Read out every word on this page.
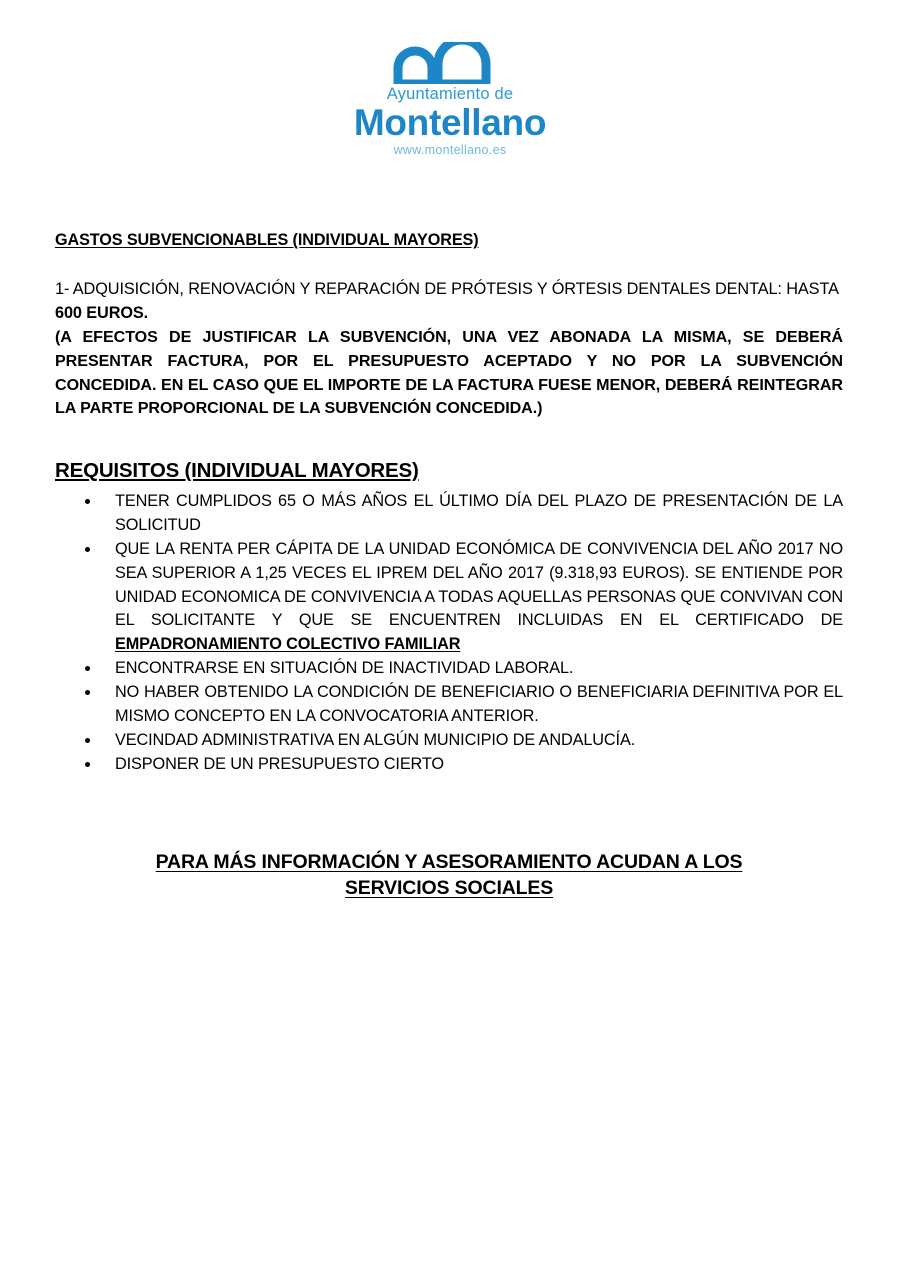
Ayuntamiento de
Montellano
www.montellano.es
GASTOS SUBVENCIONABLES (INDIVIDUAL MAYORES)

1- ADQUISICIÓN, RENOVACIÓN Y REPARACIÓN DE PRÓTESIS Y ÓRTESIS DENTALES DENTAL: HASTA 600 EUROS.

(A EFECTOS DE JUSTIFICAR LA SUBVENCIÓN, UNA VEZ ABONADA LA MISMA, SE DEBERÁ PRESENTAR FACTURA, POR EL PRESUPUESTO ACEPTADO Y NO POR LA SUBVENCIÓN CONCEDIDA. EN EL CASO QUE EL IMPORTE DE LA FACTURA FUESE MENOR, DEBERÁ REINTEGRAR LA PARTE PROPORCIONAL DE LA SUBVENCIÓN CONCEDIDA.)

REQUISITOS (INDIVIDUAL MAYORES)
TENER CUMPLIDOS 65 O MÁS AÑOS EL ÚLTIMO DÍA DEL PLAZO DE PRESENTACIÓN DE LA SOLICITUD
QUE LA RENTA PER CÁPITA DE LA UNIDAD ECONÓMICA DE CONVIVENCIA DEL AÑO 2017 NO SEA SUPERIOR A 1,25 VECES EL IPREM DEL AÑO 2017 (9.318,93 EUROS). SE ENTIENDE POR UNIDAD ECONOMICA DE CONVIVENCIA A TODAS AQUELLAS PERSONAS QUE CONVIVAN CON EL SOLICITANTE Y QUE SE ENCUENTREN INCLUIDAS EN EL CERTIFICADO DE EMPADRONAMIENTO COLECTIVO FAMILIAR
ENCONTRARSE EN SITUACIÓN DE INACTIVIDAD LABORAL.
NO HABER OBTENIDO LA CONDICIÓN DE BENEFICIARIO O BENEFICIARIA DEFINITIVA POR EL MISMO CONCEPTO EN LA CONVOCATORIA ANTERIOR.
VECINDAD ADMINISTRATIVA EN ALGÚN MUNICIPIO DE ANDALUCÍA.
DISPONER DE UN PRESUPUESTO CIERTO
PARA MÁS INFORMACIÓN Y ASESORAMIENTO ACUDAN A LOS
SERVICIOS SOCIALES
